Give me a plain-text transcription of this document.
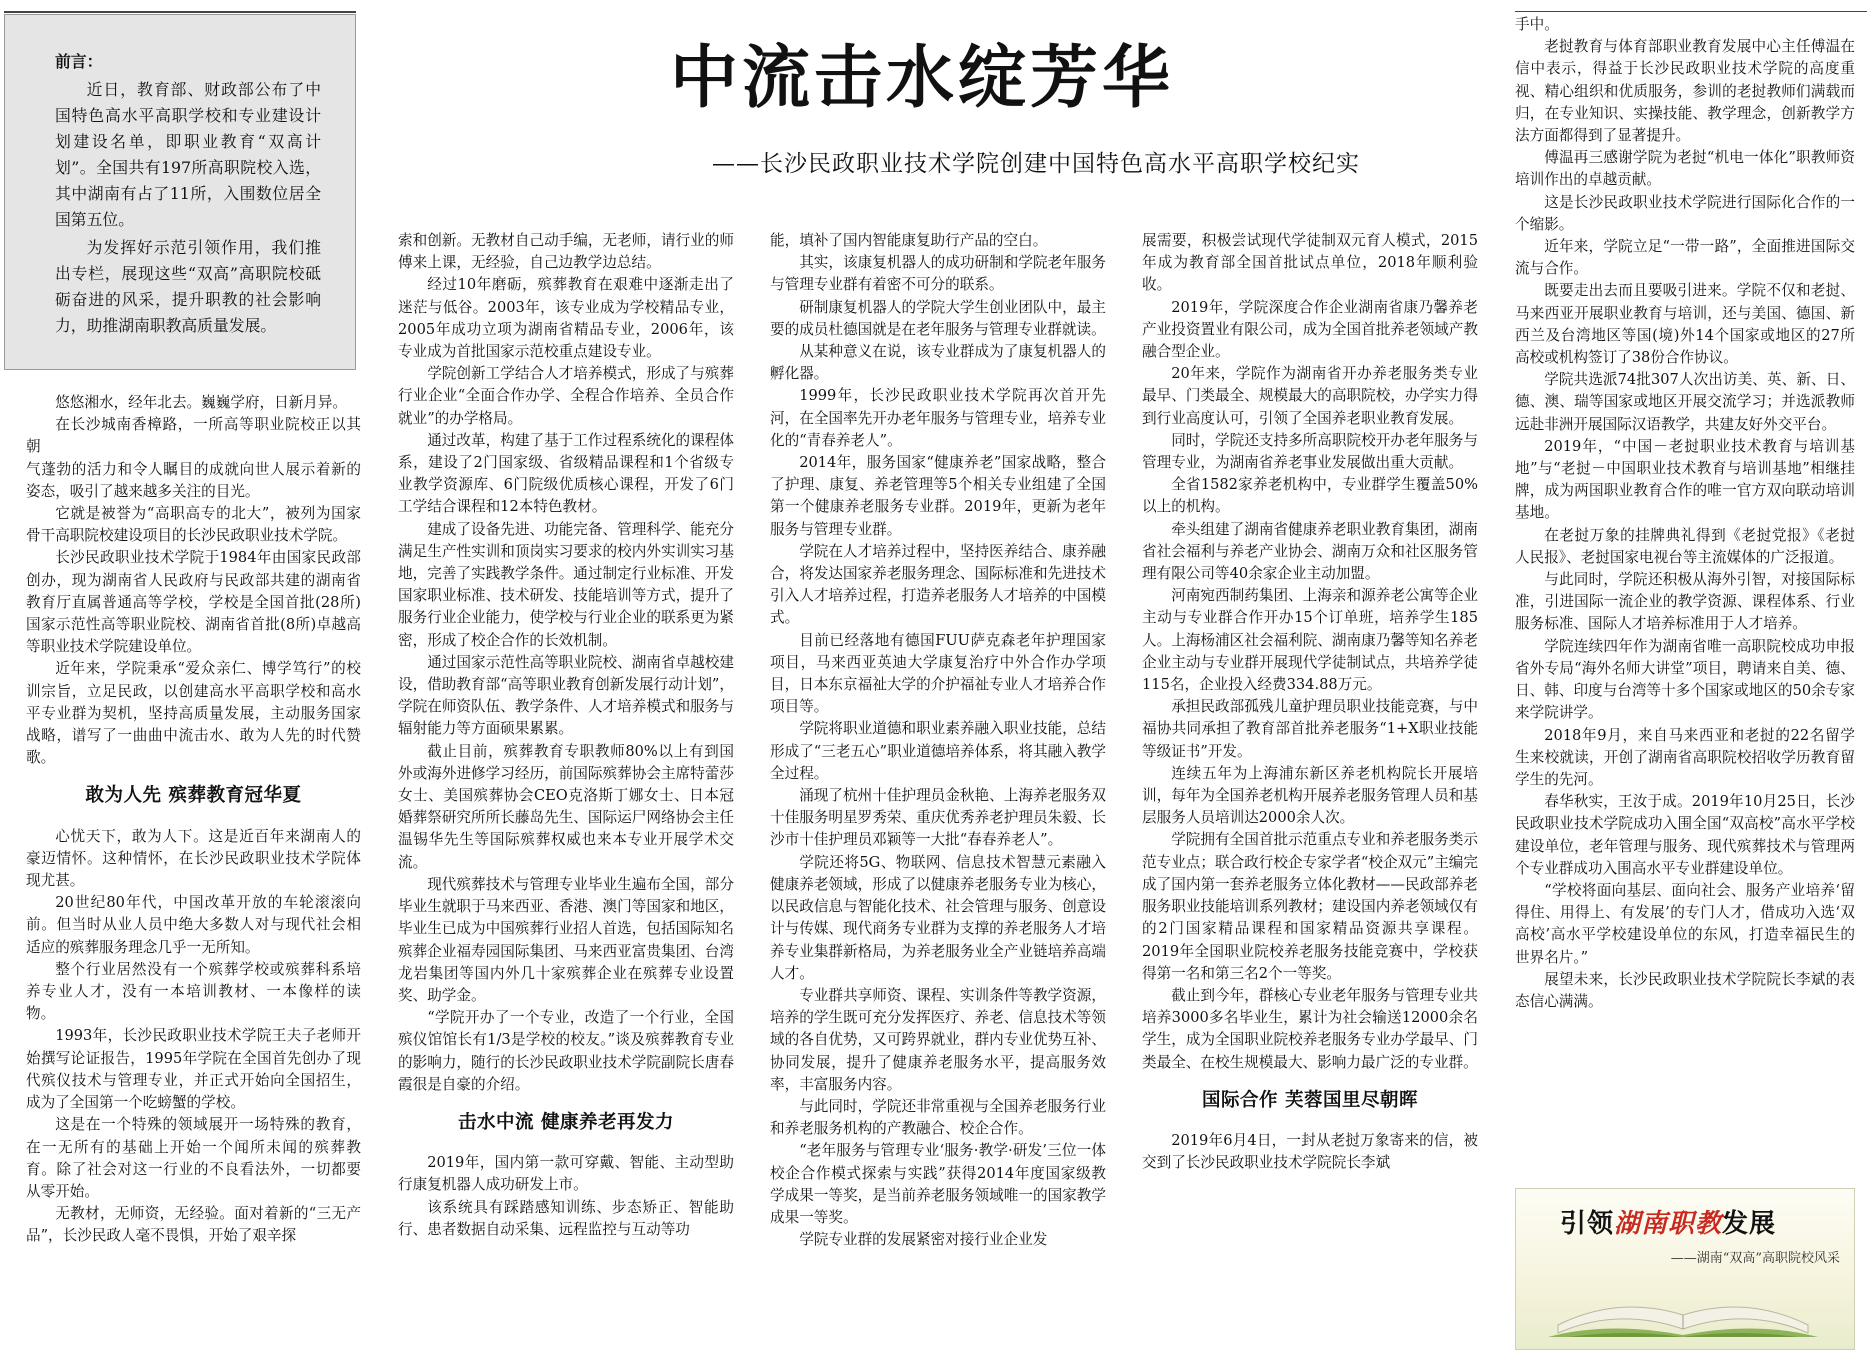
前言：

近日，教育部、财政部公布了中国特色高水平高职学校和专业建设计划建设名单，即职业教育“双高计划”。全国共有197所高职院校入选，其中湖南有占了11所，入围数位居全国第五位。

为发挥好示范引领作用，我们推出专栏，展现这些“双高”高职院校砥砺奋进的风采，提升职教的社会影响力，助推湖南职教高质量发展。

中流击水绽芳华
——长沙民政职业技术学院创建中国特色高水平高职学校纪实

悠悠湘水，经年北去。巍巍学府，日新月异。

在长沙城南香樟路，一所高等职业院校正以其朝

气蓬勃的活力和令人瞩目的成就向世人展示着新的姿态，吸引了越来越多关注的目光。

它就是被誉为“高职高专的北大”，被列为国家骨干高职院校建设项目的长沙民政职业技术学院。

长沙民政职业技术学院于1984年由国家民政部创办，现为湖南省人民政府与民政部共建的湖南省教育厅直属普通高等学校，学校是全国首批(28所)国家示范性高等职业院校、湖南省首批(8所)卓越高等职业技术学院建设单位。

近年来，学院秉承“爱众亲仁、博学笃行”的校训宗旨，立足民政，以创建高水平高职学校和高水平专业群为契机，坚持高质量发展，主动服务国家战略，谱写了一曲曲中流击水、敢为人先的时代赞歌。

敢为人先 殡葬教育冠华夏

心忧天下，敢为人下。这是近百年来湖南人的豪迈情怀。这种情怀，在长沙民政职业技术学院体现尤甚。

20世纪80年代，中国改革开放的车轮滚滚向前。但当时从业人员中绝大多数人对与现代社会相适应的殡葬服务理念几乎一无所知。

整个行业居然没有一个殡葬学校或殡葬科系培养专业人才，没有一本培训教材、一本像样的读物。

1993年，长沙民政职业技术学院王夫子老师开始撰写论证报告，1995年学院在全国首先创办了现代殡仪技术与管理专业，并正式开始向全国招生，成为了全国第一个吃螃蟹的学校。

这是在一个特殊的领域展开一场特殊的教育，在一无所有的基础上开始一个闻所未闻的殡葬教育。除了社会对这一行业的不良看法外，一切都要从零开始。

无教材，无师资，无经验。面对着新的“三无产品”，长沙民政人毫不畏惧，开始了艰辛探

索和创新。无教材自己动手编，无老师，请行业的师傅来上课，无经验，自己边教学边总结。

经过10年磨砺，殡葬教育在艰难中逐渐走出了迷茫与低谷。2003年，该专业成为学校精品专业，2005年成功立项为湖南省精品专业，2006年，该专业成为首批国家示范校重点建设专业。

学院创新工学结合人才培养模式，形成了与殡葬行业企业“全面合作办学、全程合作培养、全员合作就业”的办学格局。

通过改革，构建了基于工作过程系统化的课程体系，建设了2门国家级、省级精品课程和1个省级专业教学资源库、6门院级优质核心课程，开发了6门工学结合课程和12本特色教材。

建成了设备先进、功能完备、管理科学、能充分满足生产性实训和顶岗实习要求的校内外实训实习基地，完善了实践教学条件。通过制定行业标准、开发国家职业标准、技术研发、技能培训等方式，提升了服务行业企业能力，使学校与行业企业的联系更为紧密，形成了校企合作的长效机制。

通过国家示范性高等职业院校、湖南省卓越校建设，借助教育部“高等职业教育创新发展行动计划”，学院在师资队伍、教学条件、人才培养模式和服务与辐射能力等方面硕果累累。

截止目前，殡葬教育专职教师80%以上有到国外或海外进修学习经历，前国际殡葬协会主席特蕾莎女士、美国殡葬协会CEO克洛斯丁娜女士、日本冠婚葬祭研究所所长藤岛先生、国际运尸网络协会主任温锡华先生等国际殡葬权威也来本专业开展学术交流。

现代殡葬技术与管理专业毕业生遍布全国，部分毕业生就职于马来西亚、香港、澳门等国家和地区，毕业生已成为中国殡葬行业招人首选，包括国际知名殡葬企业福寿园国际集团、马来西亚富贵集团、台湾龙岩集团等国内外几十家殡葬企业在殡葬专业设置奖、助学金。

“学院开办了一个专业，改造了一个行业，全国殡仪馆馆长有1/3是学校的校友。”谈及殡葬教育专业的影响力，随行的长沙民政职业技术学院副院长唐春霞很是自豪的介绍。

击水中流 健康养老再发力

2019年，国内第一款可穿戴、智能、主动型助行康复机器人成功研发上市。

该系统具有踩踏感知训练、步态矫正、智能助行、患者数据自动采集、远程监控与互动等功

能，填补了国内智能康复助行产品的空白。

其实，该康复机器人的成功研制和学院老年服务与管理专业群有着密不可分的联系。

研制康复机器人的学院大学生创业团队中，最主要的成员杜德国就是在老年服务与管理专业群就读。

从某种意义在说，该专业群成为了康复机器人的孵化器。

1999年，长沙民政职业技术学院再次首开先河，在全国率先开办老年服务与管理专业，培养专业化的“青春养老人”。

2014年，服务国家“健康养老”国家战略，整合了护理、康复、养老管理等5个相关专业组建了全国第一个健康养老服务专业群。2019年，更新为老年服务与管理专业群。

学院在人才培养过程中，坚持医养结合、康养融合，将发达国家养老服务理念、国际标准和先进技术引入人才培养过程，打造养老服务人才培养的中国模式。

目前已经落地有德国FUU萨克森老年护理国家项目，马来西亚英迪大学康复治疗中外合作办学项目，日本东京福祉大学的介护福祉专业人才培养合作项目等。

学院将职业道德和职业素养融入职业技能，总结形成了“三老五心”职业道德培养体系，将其融入教学全过程。

涌现了杭州十佳护理员金秋艳、上海养老服务双十佳服务明星罗秀荣、重庆优秀养老护理员朱毅、长沙市十佳护理员邓颖等一大批“春春养老人”。

学院还将5G、物联网、信息技术智慧元素融入健康养老领域，形成了以健康养老服务专业为核心，以民政信息与智能化技术、社会管理与服务、创意设计与传媒、现代商务专业群为支撑的养老服务人才培养专业集群新格局，为养老服务业全产业链培养高端人才。

专业群共享师资、课程、实训条件等教学资源，培养的学生既可充分发挥医疗、养老、信息技术等领域的各自优势，又可跨界就业，群内专业优势互补、协同发展，提升了健康养老服务水平，提高服务效率，丰富服务内容。

与此同时，学院还非常重视与全国养老服务行业和养老服务机构的产教融合、校企合作。

“老年服务与管理专业‘服务·教学·研发’三位一体校企合作模式探索与实践”获得2014年度国家级教学成果一等奖，是当前养老服务领域唯一的国家教学成果一等奖。

学院专业群的发展紧密对接行业企业发

展需要，积极尝试现代学徒制双元育人模式，2015年成为教育部全国首批试点单位，2018年顺利验收。

2019年，学院深度合作企业湖南省康乃馨养老产业投资置业有限公司，成为全国首批养老领域产教融合型企业。

20年来，学院作为湖南省开办养老服务类专业最早、门类最全、规模最大的高职院校，办学实力得到行业高度认可，引领了全国养老职业教育发展。

同时，学院还支持多所高职院校开办老年服务与管理专业，为湖南省养老事业发展做出重大贡献。

全省1582家养老机构中，专业群学生覆盖50%以上的机构。

牵头组建了湖南省健康养老职业教育集团，湖南省社会福利与养老产业协会、湖南万众和社区服务管理有限公司等40余家企业主动加盟。

河南宛西制药集团、上海亲和源养老公寓等企业主动与专业群合作开办15个订单班，培养学生185人。上海杨浦区社会福利院、湖南康乃馨等知名养老企业主动与专业群开展现代学徒制试点，共培养学徒115名，企业投入经费334.88万元。

承担民政部孤残儿童护理员职业技能竞赛，与中福协共同承担了教育部首批养老服务“1+X职业技能等级证书”开发。

连续五年为上海浦东新区养老机构院长开展培训，每年为全国养老机构开展养老服务管理人员和基层服务人员培训达2000余人次。

学院拥有全国首批示范重点专业和养老服务类示范专业点；联合政行校企专家学者“校企双元”主编完成了国内第一套养老服务立体化教材——民政部养老服务职业技能培训系列教材；建设国内养老领域仅有的2门国家精品课程和国家精品资源共享课程。2019年全国职业院校养老服务技能竞赛中，学校获得第一名和第三名2个一等奖。

截止到今年，群核心专业老年服务与管理专业共培养3000多名毕业生，累计为社会输送12000余名学生，成为全国职业院校养老服务专业办学最早、门类最全、在校生规模最大、影响力最广泛的专业群。

国际合作 芙蓉国里尽朝晖

2019年6月4日，一封从老挝万象寄来的信，被交到了长沙民政职业技术学院院长李斌

手中。

老挝教育与体育部职业教育发展中心主任傅温在信中表示，得益于长沙民政职业技术学院的高度重视、精心组织和优质服务，参训的老挝教师们满载而归，在专业知识、实操技能、教学理念，创新教学方法方面都得到了显著提升。

傅温再三感谢学院为老挝“机电一体化”职教师资培训作出的卓越贡献。

这是长沙民政职业技术学院进行国际化合作的一个缩影。

近年来，学院立足“一带一路”，全面推进国际交流与合作。

既要走出去而且要吸引进来。学院不仅和老挝、马来西亚开展职业教育与培训，还与美国、德国、新西兰及台湾地区等国(境)外14个国家或地区的27所高校或机构签订了38份合作协议。

学院共选派74批307人次出访美、英、新、日、德、澳、瑞等国家或地区开展交流学习；并选派教师远赴非洲开展国际汉语教学，共建友好外交平台。

2019年，“中国－老挝职业技术教育与培训基地”与“老挝－中国职业技术教育与培训基地”相继挂牌，成为两国职业教育合作的唯一官方双向联动培训基地。

在老挝万象的挂牌典礼得到《老挝党报》《老挝人民报》、老挝国家电视台等主流媒体的广泛报道。

与此同时，学院还积极从海外引智，对接国际标准，引进国际一流企业的教学资源、课程体系、行业服务标准、国际人才培养标准用于人才培养。

学院连续四年作为湖南省唯一高职院校成功申报省外专局“海外名师大讲堂”项目，聘请来自美、德、日、韩、印度与台湾等十多个国家或地区的50余专家来学院讲学。

2018年9月，来自马来西亚和老挝的22名留学生来校就读，开创了湖南省高职院校招收学历教育留学生的先河。

春华秋实，王汝于成。2019年10月25日，长沙民政职业技术学院成功入围全国“双高校”高水平学校建设单位，老年管理与服务、现代殡葬技术与管理两个专业群成功入围高水平专业群建设单位。

“学校将面向基层、面向社会、服务产业培养‘留得住、用得上、有发展’的专门人才，借成功入选‘双高校’高水平学校建设单位的东风，打造幸福民生的世界名片。”

展望未来，长沙民政职业技术学院院长李斌的表态信心满满。

引领湖南职教发展
——湖南“双高”高职院校风采
